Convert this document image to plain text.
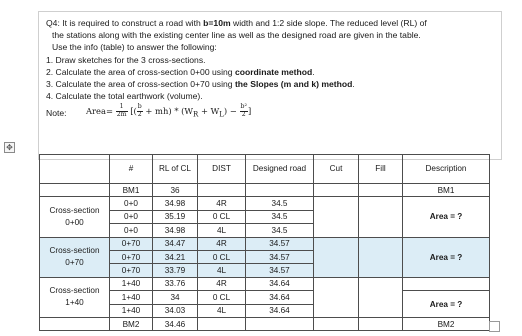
Q4: It is required to construct a road with b=10m width and 1:2 side slope. The reduced level (RL) of

the stations along with the existing center line as well as the designed road are given in the table.

Use the info (table) to answer the following:

1. Draw sketches for the 3 cross-sections.

2. Calculate the area of cross-section 0+00 using coordinate method.

3. Calculate the area of cross-section 0+70 using the Slopes (m and k) method.

4. Calculate the total earthwork (volume).

Note: Area= $\frac{1}{2m}$ [( $\frac{b}{2} + mh) * (W_R + W_L) - \frac{\text{b²}}{2}$ ]
✥
	#	RL of CL	DIST	Designed road	Cut	Fill	Description
	BM1	36					BM1
Cross-section 0+00	0+0	34.98	4R	34.5			Area = ?
	0+0	35.19	0 CL	34.5			
	0+0	34.98	4L	34.5			
Cross-section 0+70	0+70	34.47	4R	34.57			Area = ?
	0+70	34.21	0 CL	34.57			
	0+70	33.79	4L	34.57			
Cross-section 1+40	1+40	33.76	4R	34.64			
	1+40	34	0 CL	34.64			Area = ?
	1+40	34.03	4L	34.64			
	BM2	34.46					BM2
